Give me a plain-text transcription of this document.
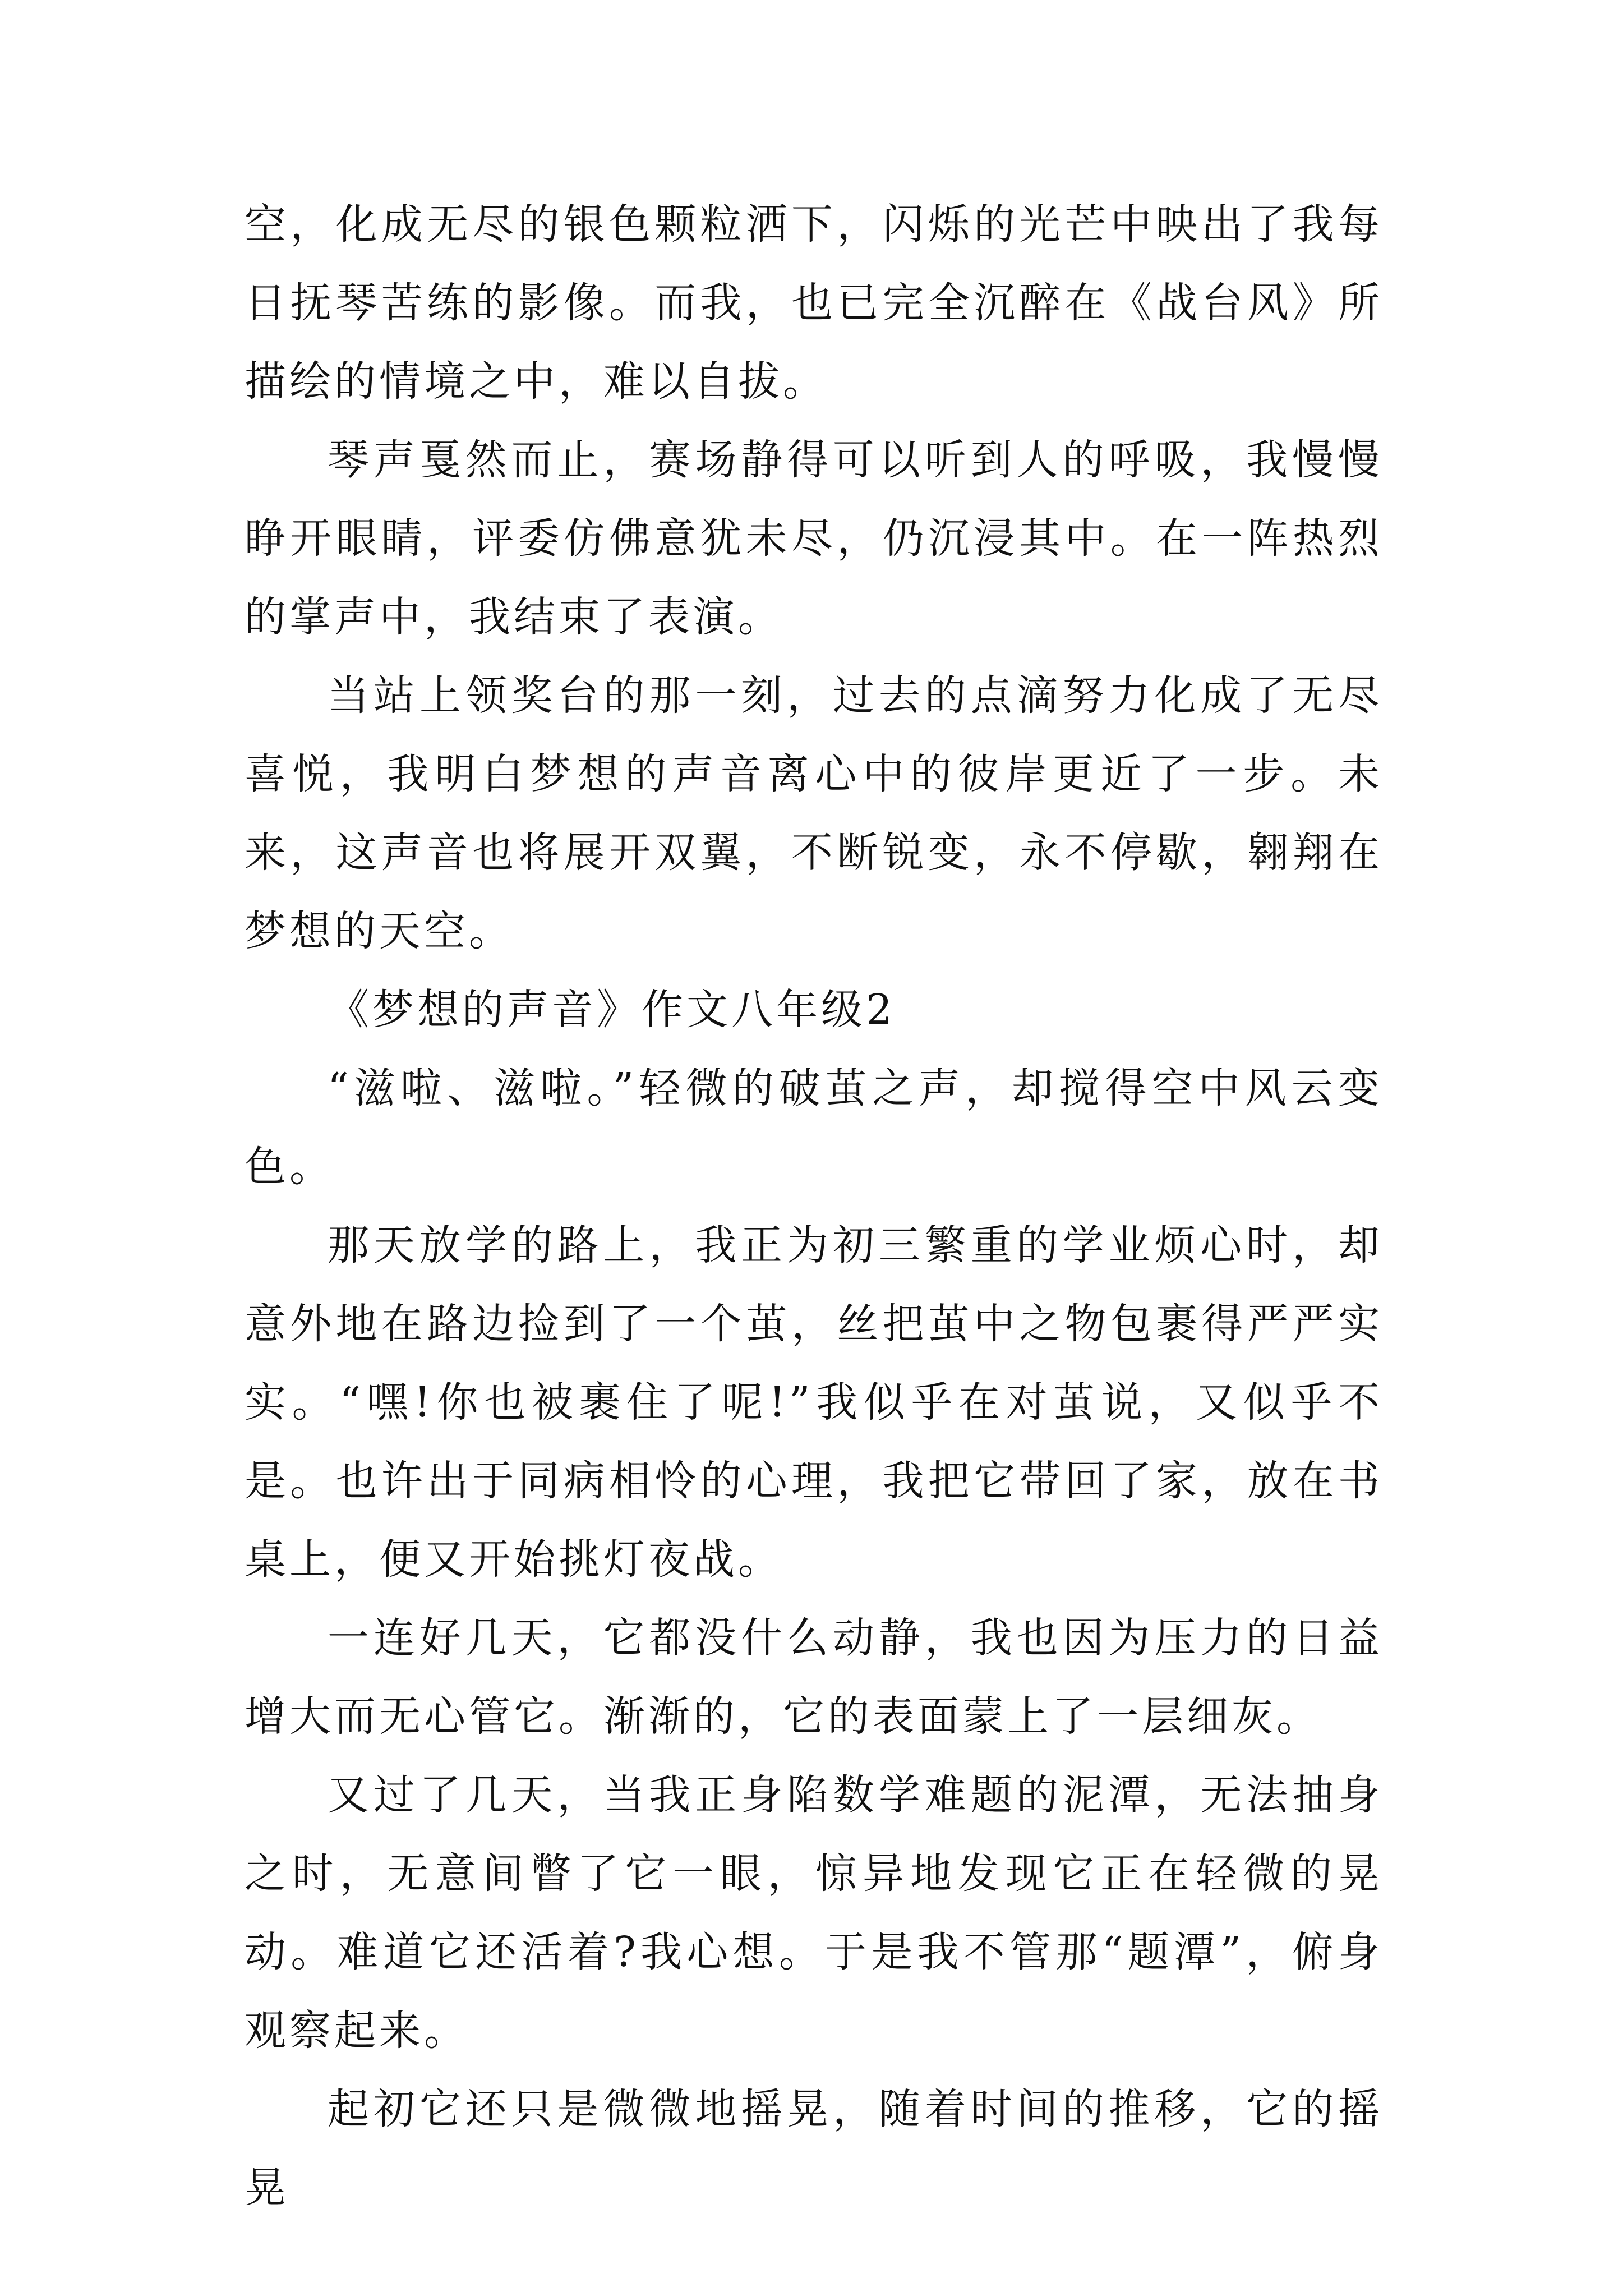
空，化成无尽的银色颗粒洒下，闪烁的光芒中映出了我每日抚琴苦练的影像。而我，也已完全沉醉在《战台风》所描绘的情境之中，难以自拔。

琴声戛然而止，赛场静得可以听到人的呼吸，我慢慢睁开眼睛，评委仿佛意犹未尽，仍沉浸其中。在一阵热烈的掌声中，我结束了表演。

当站上领奖台的那一刻，过去的点滴努力化成了无尽喜悦，我明白梦想的声音离心中的彼岸更近了一步。未来，这声音也将展开双翼，不断锐变，永不停歇，翱翔在梦想的天空。

《梦想的声音》作文八年级2

“滋啦、滋啦。”轻微的破茧之声，却搅得空中风云变色。

那天放学的路上，我正为初三繁重的学业烦心时，却意外地在路边捡到了一个茧，丝把茧中之物包裹得严严实实。“嘿!你也被裹住了呢!”我似乎在对茧说，又似乎不是。也许出于同病相怜的心理，我把它带回了家，放在书桌上，便又开始挑灯夜战。

一连好几天，它都没什么动静，我也因为压力的日益增大而无心管它。渐渐的，它的表面蒙上了一层细灰。

又过了几天，当我正身陷数学难题的泥潭，无法抽身之时，无意间瞥了它一眼，惊异地发现它正在轻微的晃动。难道它还活着?我心想。于是我不管那“题潭”，俯身观察起来。

起初它还只是微微地摇晃，随着时间的推移，它的摇晃
